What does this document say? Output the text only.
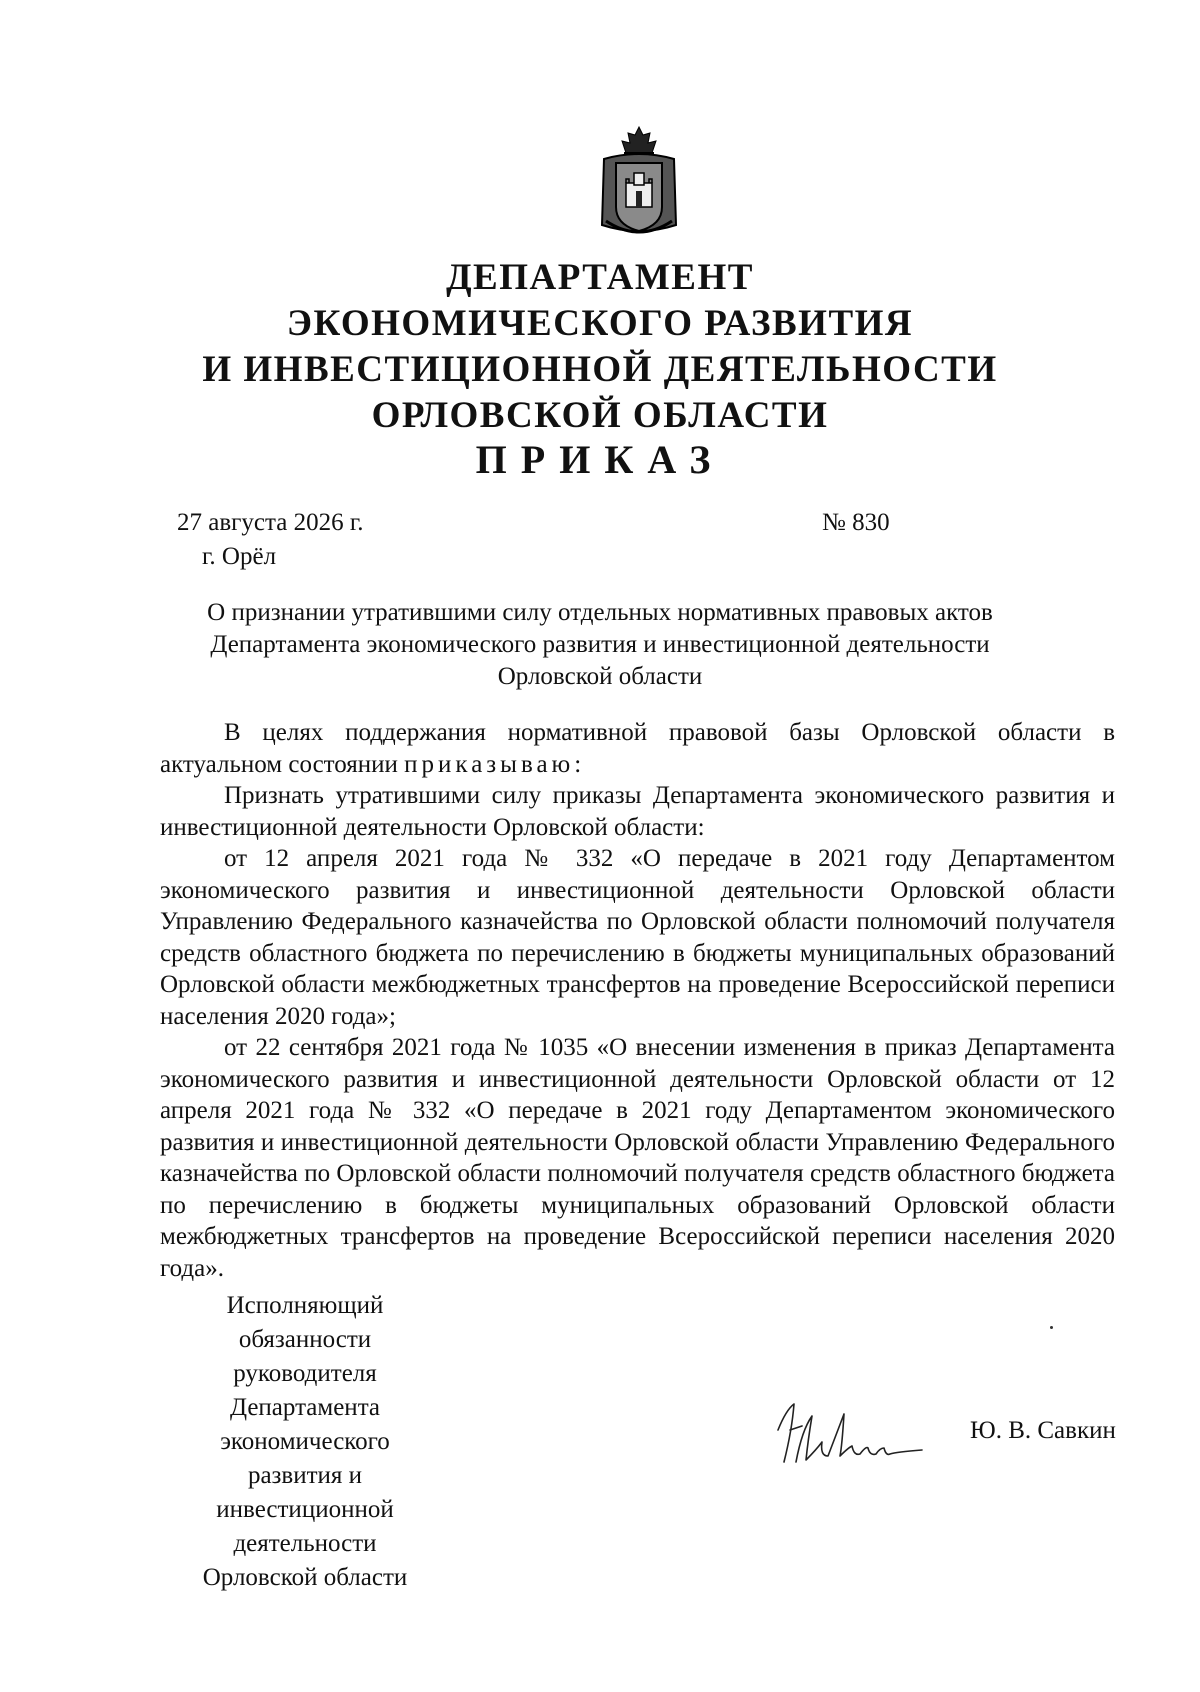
ДЕПАРТАМЕНТ
ЭКОНОМИЧЕСКОГО РАЗВИТИЯ
И ИНВЕСТИЦИОННОЙ ДЕЯТЕЛЬНОСТИ
ОРЛОВСКОЙ ОБЛАСТИ
ПРИКАЗ
27 августа 2026 г.	№ 830
г. Орёл
О признании утратившими силу отдельных нормативных правовых актов
Департамента экономического развития и инвестиционной деятельности
Орловской области

В целях поддержания нормативной правовой базы Орловской области в актуальном состоянии приказываю:

Признать утратившими силу приказы Департамента экономического развития и инвестиционной деятельности Орловской области:

от 12 апреля 2021 года № 332 «О передаче в 2021 году Департаментом экономического развития и инвестиционной деятельности Орловской области Управлению Федерального казначейства по Орловской области полномочий получателя средств областного бюджета по перечислению в бюджеты муниципальных образований Орловской области межбюджетных трансфертов на проведение Всероссийской переписи населения 2020 года»;

от 22 сентября 2021 года № 1035 «О внесении изменения в приказ Департамента экономического развития и инвестиционной деятельности Орловской области от 12 апреля 2021 года № 332 «О передаче в 2021 году Департаментом экономического развития и инвестиционной деятельности Орловской области Управлению Федерального казначейства по Орловской области полномочий получателя средств областного бюджета по перечислению в бюджеты муниципальных образований Орловской области межбюджетных трансфертов на проведение Всероссийской переписи населения 2020 года».

Исполняющий
обязанности
руководителя
Департамента
экономического
развития и
инвестиционной
деятельности
Орловской области
Ю. В. Савкин
